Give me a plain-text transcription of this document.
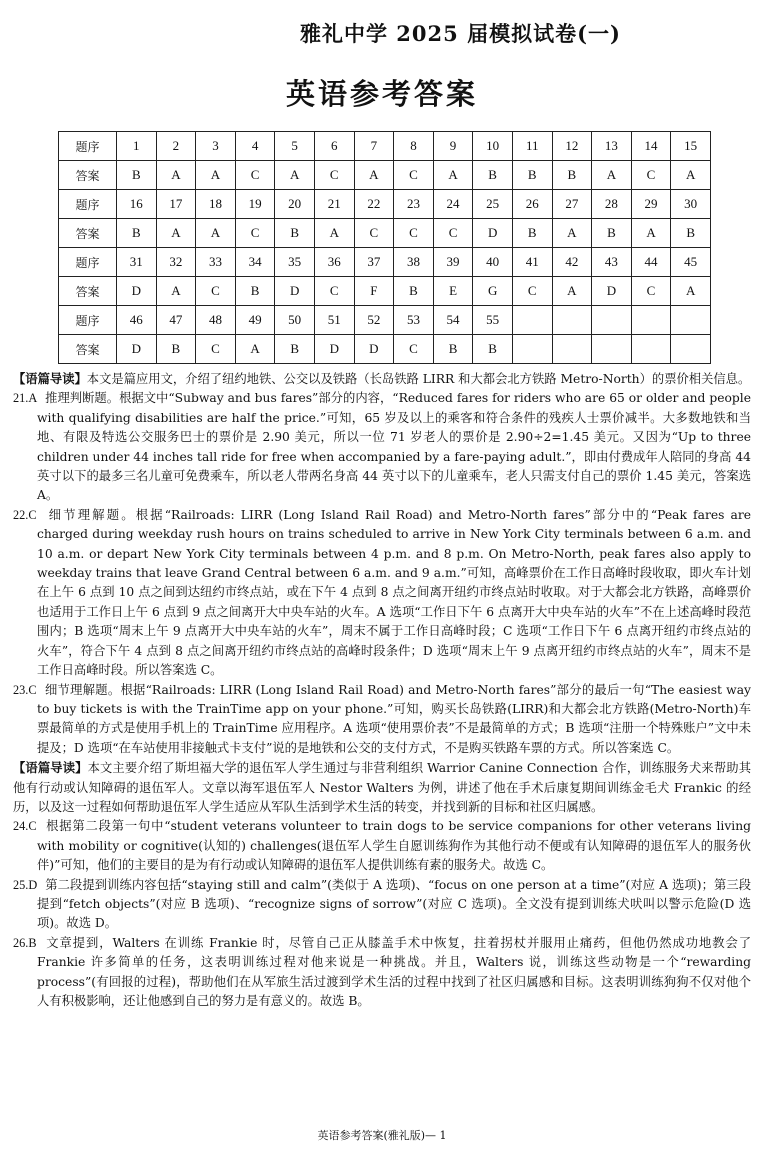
雅礼中学 2025 届模拟试卷(一)
英语参考答案
题序	1	2	3	4	5	6	7	8	9	10	11	12	13	14	15
答案	B	A	A	C	A	C	A	C	A	B	B	B	A	C	A
题序	16	17	18	19	20	21	22	23	24	25	26	27	28	29	30
答案	B	A	A	C	B	A	C	C	C	D	B	A	B	A	B
题序	31	32	33	34	35	36	37	38	39	40	41	42	43	44	45
答案	D	A	C	B	D	C	F	B	E	G	C	A	D	C	A
题序	46	47	48	49	50	51	52	53	54	55					
答案	D	B	C	A	B	D	D	C	B	B					

【语篇导读】本文是篇应用文，介绍了纽约地铁、公交以及铁路（长岛铁路 LIRR 和大都会北方铁路 Metro-North）的票价相关信息。

21.A 推理判断题。根据文中“Subway and bus fares”部分的内容，“Reduced fares for riders who are 65 or older and people with qualifying disabilities are half the price.”可知，65 岁及以上的乘客和符合条件的残疾人士票价减半。大多数地铁和当地、有限及特选公交服务巴士的票价是 2.90 美元，所以一位 71 岁老人的票价是 2.90÷2=1.45 美元。又因为“Up to three children under 44 inches tall ride for free when accompanied by a fare-paying adult.”，即由付费成年人陪同的身高 44 英寸以下的最多三名儿童可免费乘车，所以老人带两名身高 44 英寸以下的儿童乘车，老人只需支付自己的票价 1.45 美元，答案选 A。

22.C 细节理解题。根据“Railroads: LIRR (Long Island Rail Road) and Metro-North fares”部分中的“Peak fares are charged during weekday rush hours on trains scheduled to arrive in New York City terminals between 6 a.m. and 10 a.m. or depart New York City terminals between 4 p.m. and 8 p.m. On Metro-North, peak fares also apply to weekday trains that leave Grand Central between 6 a.m. and 9 a.m.”可知，高峰票价在工作日高峰时段收取，即火车计划在上午 6 点到 10 点之间到达纽约市终点站，或在下午 4 点到 8 点之间离开纽约市终点站时收取。对于大都会北方铁路，高峰票价也适用于工作日上午 6 点到 9 点之间离开大中央车站的火车。A 选项“工作日下午 6 点离开大中央车站的火车”不在上述高峰时段范围内；B 选项“周末上午 9 点离开大中央车站的火车”，周末不属于工作日高峰时段；C 选项“工作日下午 6 点离开纽约市终点站的火车”，符合下午 4 点到 8 点之间离开纽约市终点站的高峰时段条件；D 选项“周末上午 9 点离开纽约市终点站的火车”，周末不是工作日高峰时段。所以答案选 C。

23.C 细节理解题。根据“Railroads: LIRR (Long Island Rail Road) and Metro-North fares”部分的最后一句“The easiest way to buy tickets is with the TrainTime app on your phone.”可知，购买长岛铁路(LIRR)和大都会北方铁路(Metro-North)车票最简单的方式是使用手机上的 TrainTime 应用程序。A 选项“使用票价表”不是最简单的方式；B 选项“注册一个特殊账户”文中未提及；D 选项“在车站使用非接触式卡支付”说的是地铁和公交的支付方式，不是购买铁路车票的方式。所以答案选 C。

【语篇导读】本文主要介绍了斯坦福大学的退伍军人学生通过与非营利组织 Warrior Canine Connection 合作，训练服务犬来帮助其他有行动或认知障碍的退伍军人。文章以海军退伍军人 Nestor Walters 为例，讲述了他在手术后康复期间训练金毛犬 Frankic 的经历，以及这一过程如何帮助退伍军人学生适应从军队生活到学术生活的转变，并找到新的目标和社区归属感。

24.C 根据第二段第一句中“student veterans volunteer to train dogs to be service companions for other veterans living with mobility or cognitive(认知的) challenges(退伍军人学生自愿训练狗作为其他行动不便或有认知障碍的退伍军人的服务伙伴)”可知，他们的主要目的是为有行动或认知障碍的退伍军人提供训练有素的服务犬。故选 C。

25.D 第二段提到训练内容包括“staying still and calm”(类似于 A 选项)、“focus on one person at a time”(对应 A 选项)；第三段提到“fetch objects”(对应 B 选项)、“recognize signs of sorrow”(对应 C 选项)。全文没有提到训练犬吠叫以警示危险(D 选项)。故选 D。

26.B 文章提到，Walters 在训练 Frankie 时，尽管自己正从膝盖手术中恢复，拄着拐杖并服用止痛药，但他仍然成功地教会了 Frankie 许多简单的任务，这表明训练过程对他来说是一种挑战。并且，Walters 说，训练这些动物是一个“rewarding process”(有回报的过程)，帮助他们在从军旅生活过渡到学术生活的过程中找到了社区归属感和目标。这表明训练狗狗不仅对他个人有积极影响，还让他感到自己的努力是有意义的。故选 B。

英语参考答案(雅礼版)— 1
